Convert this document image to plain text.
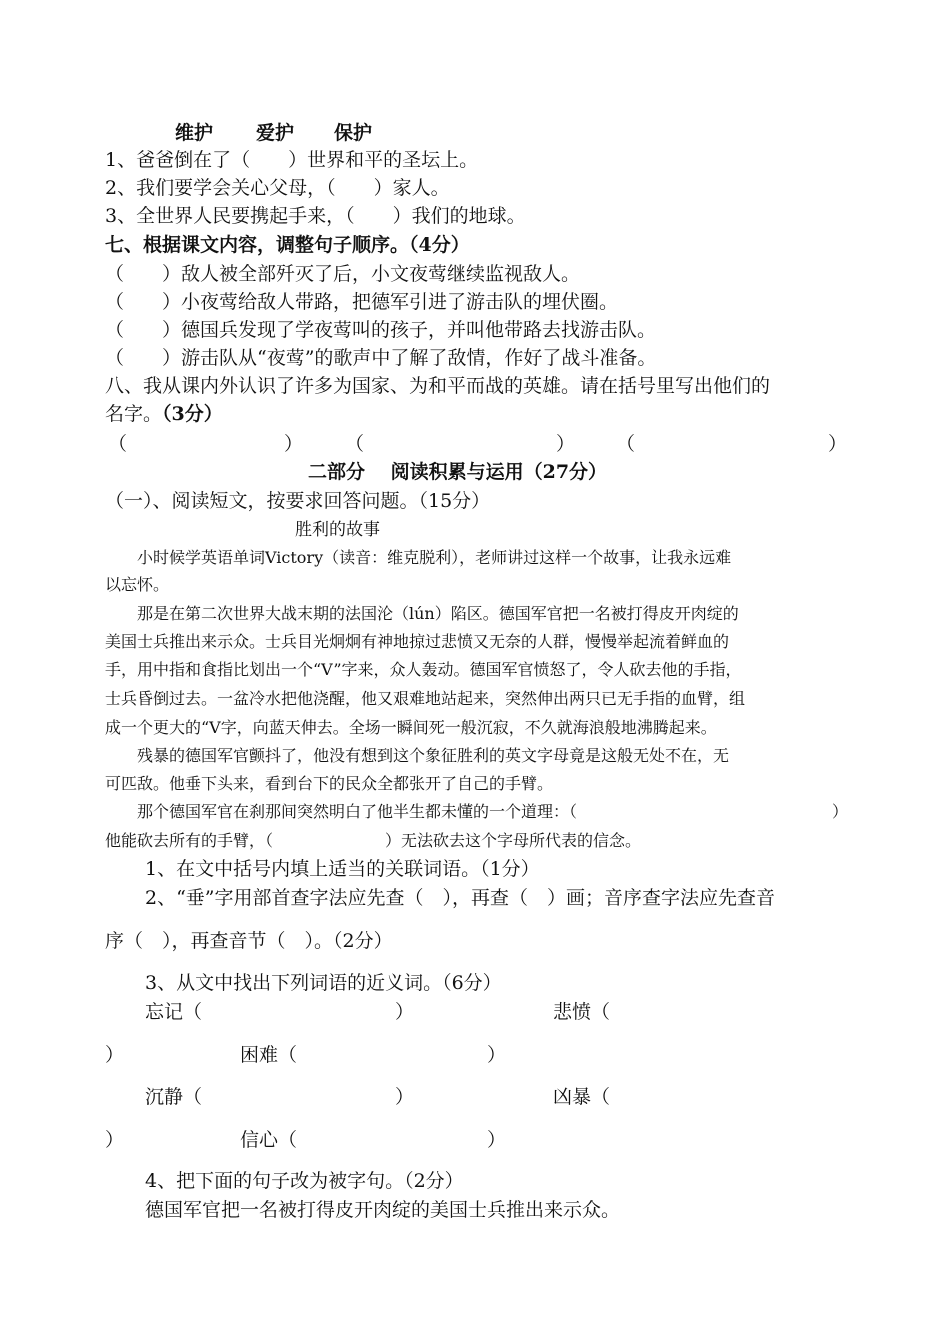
维护 爱护 保护
1、爸爸倒在了（　　）世界和平的圣坛上。
2、我们要学会关心父母，（　　）家人。
3、全世界人民要携起手来，（　　）我们的地球。
七、根据课文内容，调整句子顺序。（4分）
（　　）敌人被全部歼灭了后，小文夜莺继续监视敌人。
（　　）小夜莺给敌人带路，把德军引进了游击队的埋伏圈。
（　　）德国兵发现了学夜莺叫的孩子，并叫他带路去找游击队。
（　　）游击队从“夜莺”的歌声中了解了敌情，作好了战斗准备。
八、我从课内外认识了许多为国家、为和平而战的英雄。请在括号里写出他们的
名字。（3分）
（	） （	） （	）
二部分　 阅读积累与运用（27分）
（一）、阅读短文，按要求回答问题。（15分）
胜利的故事
　　小时候学英语单词Victory（读音：维克脱利），老师讲过这样一个故事，让我永远难
以忘怀。
　　那是在第二次世界大战末期的法国沦（lún）陷区。德国军官把一名被打得皮开肉绽的
美国士兵推出来示众。士兵目光炯炯有神地掠过悲愤又无奈的人群，慢慢举起流着鲜血的
手，用中指和食指比划出一个“V”字来，众人轰动。德国军官愤怒了，令人砍去他的手指，
士兵昏倒过去。一盆冷水把他浇醒，他又艰难地站起来，突然伸出两只已无手指的血臂，组
成一个更大的“V字，向蓝天伸去。全场一瞬间死一般沉寂，不久就海浪般地沸腾起来。
　　残暴的德国军官颤抖了，他没有想到这个象征胜利的英文字母竟是这般无处不在，无
可匹敌。他垂下头来，看到台下的民众全都张开了自己的手臂。
　　那个德国军官在刹那间突然明白了他半生都未懂的一个道理：（	）
他能砍去所有的手臂，（　　　　　　　）无法砍去这个字母所代表的信念。
1、在文中括号内填上适当的关联词语。（1分）
2、“垂”字用部首查字法应先查（　），再查（　）画；音序查字法应先查音
序（　），再查音节（　）。（2分）
3、从文中找出下列词语的近义词。（6分）
忘记（	）	悲愤（
）	困难（	）
沉静（	）	凶暴（
）	信心（	）
4、把下面的句子改为被字句。（2分）
德国军官把一名被打得皮开肉绽的美国士兵推出来示众。
